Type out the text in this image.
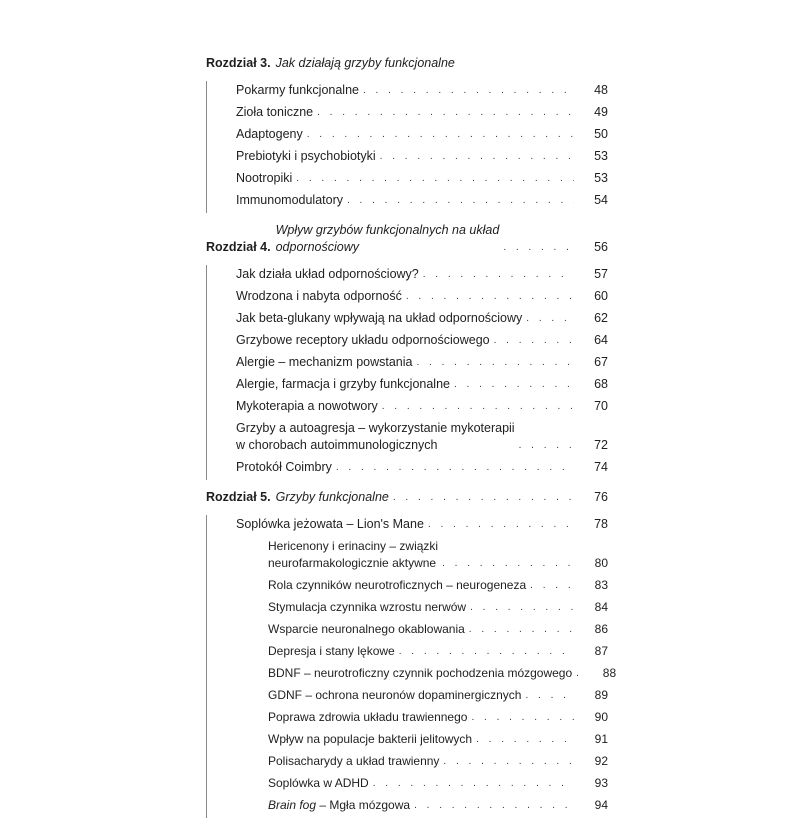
Rozdział 3. Jak działają grzyby funkcjonalne
Pokarmy funkcjonalne . . .	48
Zioła toniczne . . .	49
Adaptogeny . . .	50
Prebiotyki i psychobiotyki . . .	53
Nootropiki . . .	53
Immunomodulatory . . .	54
Rozdział 4.
Wpływ grzybów funkcjonalnych na układ
odpornościowy . . .	56
Jak działa układ odpornościowy? . . .	57
Wrodzona i nabyta odporność . . .	60
Jak beta-glukany wpływają na układ odpornościowy . . .	62
Grzybowe receptory układu odpornościowego . . .	64
Alergie – mechanizm powstania . . .	67
Alergie, farmacja i grzyby funkcjonalne . . .	68
Mykoterapia a nowotwory . . .	70
Grzyby a autoagresja – wykorzystanie mykoterapii
w chorobach autoimmunologicznych . . .	72
Protokół Coimbry . . .	74
Rozdział 5. Grzyby funkcjonalne . . .	76
Soplówka jeżowata – Lion's Mane . . .	78
Hericenony i erinaciny – związki
neurofarmakologicznie aktywne . . .	80
Rola czynników neurotroficznych – neurogeneza . . .	83
Stymulacja czynnika wzrostu nerwów . . .	84
Wsparcie neuronalnego okablowania . . .	86
Depresja i stany lękowe . . .	87
BDNF – neurotroficzny czynnik pochodzenia mózgowego . . .	88
GDNF – ochrona neuronów dopaminergicznych . . .	89
Poprawa zdrowia układu trawiennego . . .	90
Wpływ na populacje bakterii jelitowych . . .	91
Polisacharydy a układ trawienny . . .	92
Soplówka w ADHD . . .	93
Brain fog – Mgła mózgowa . . .	94
